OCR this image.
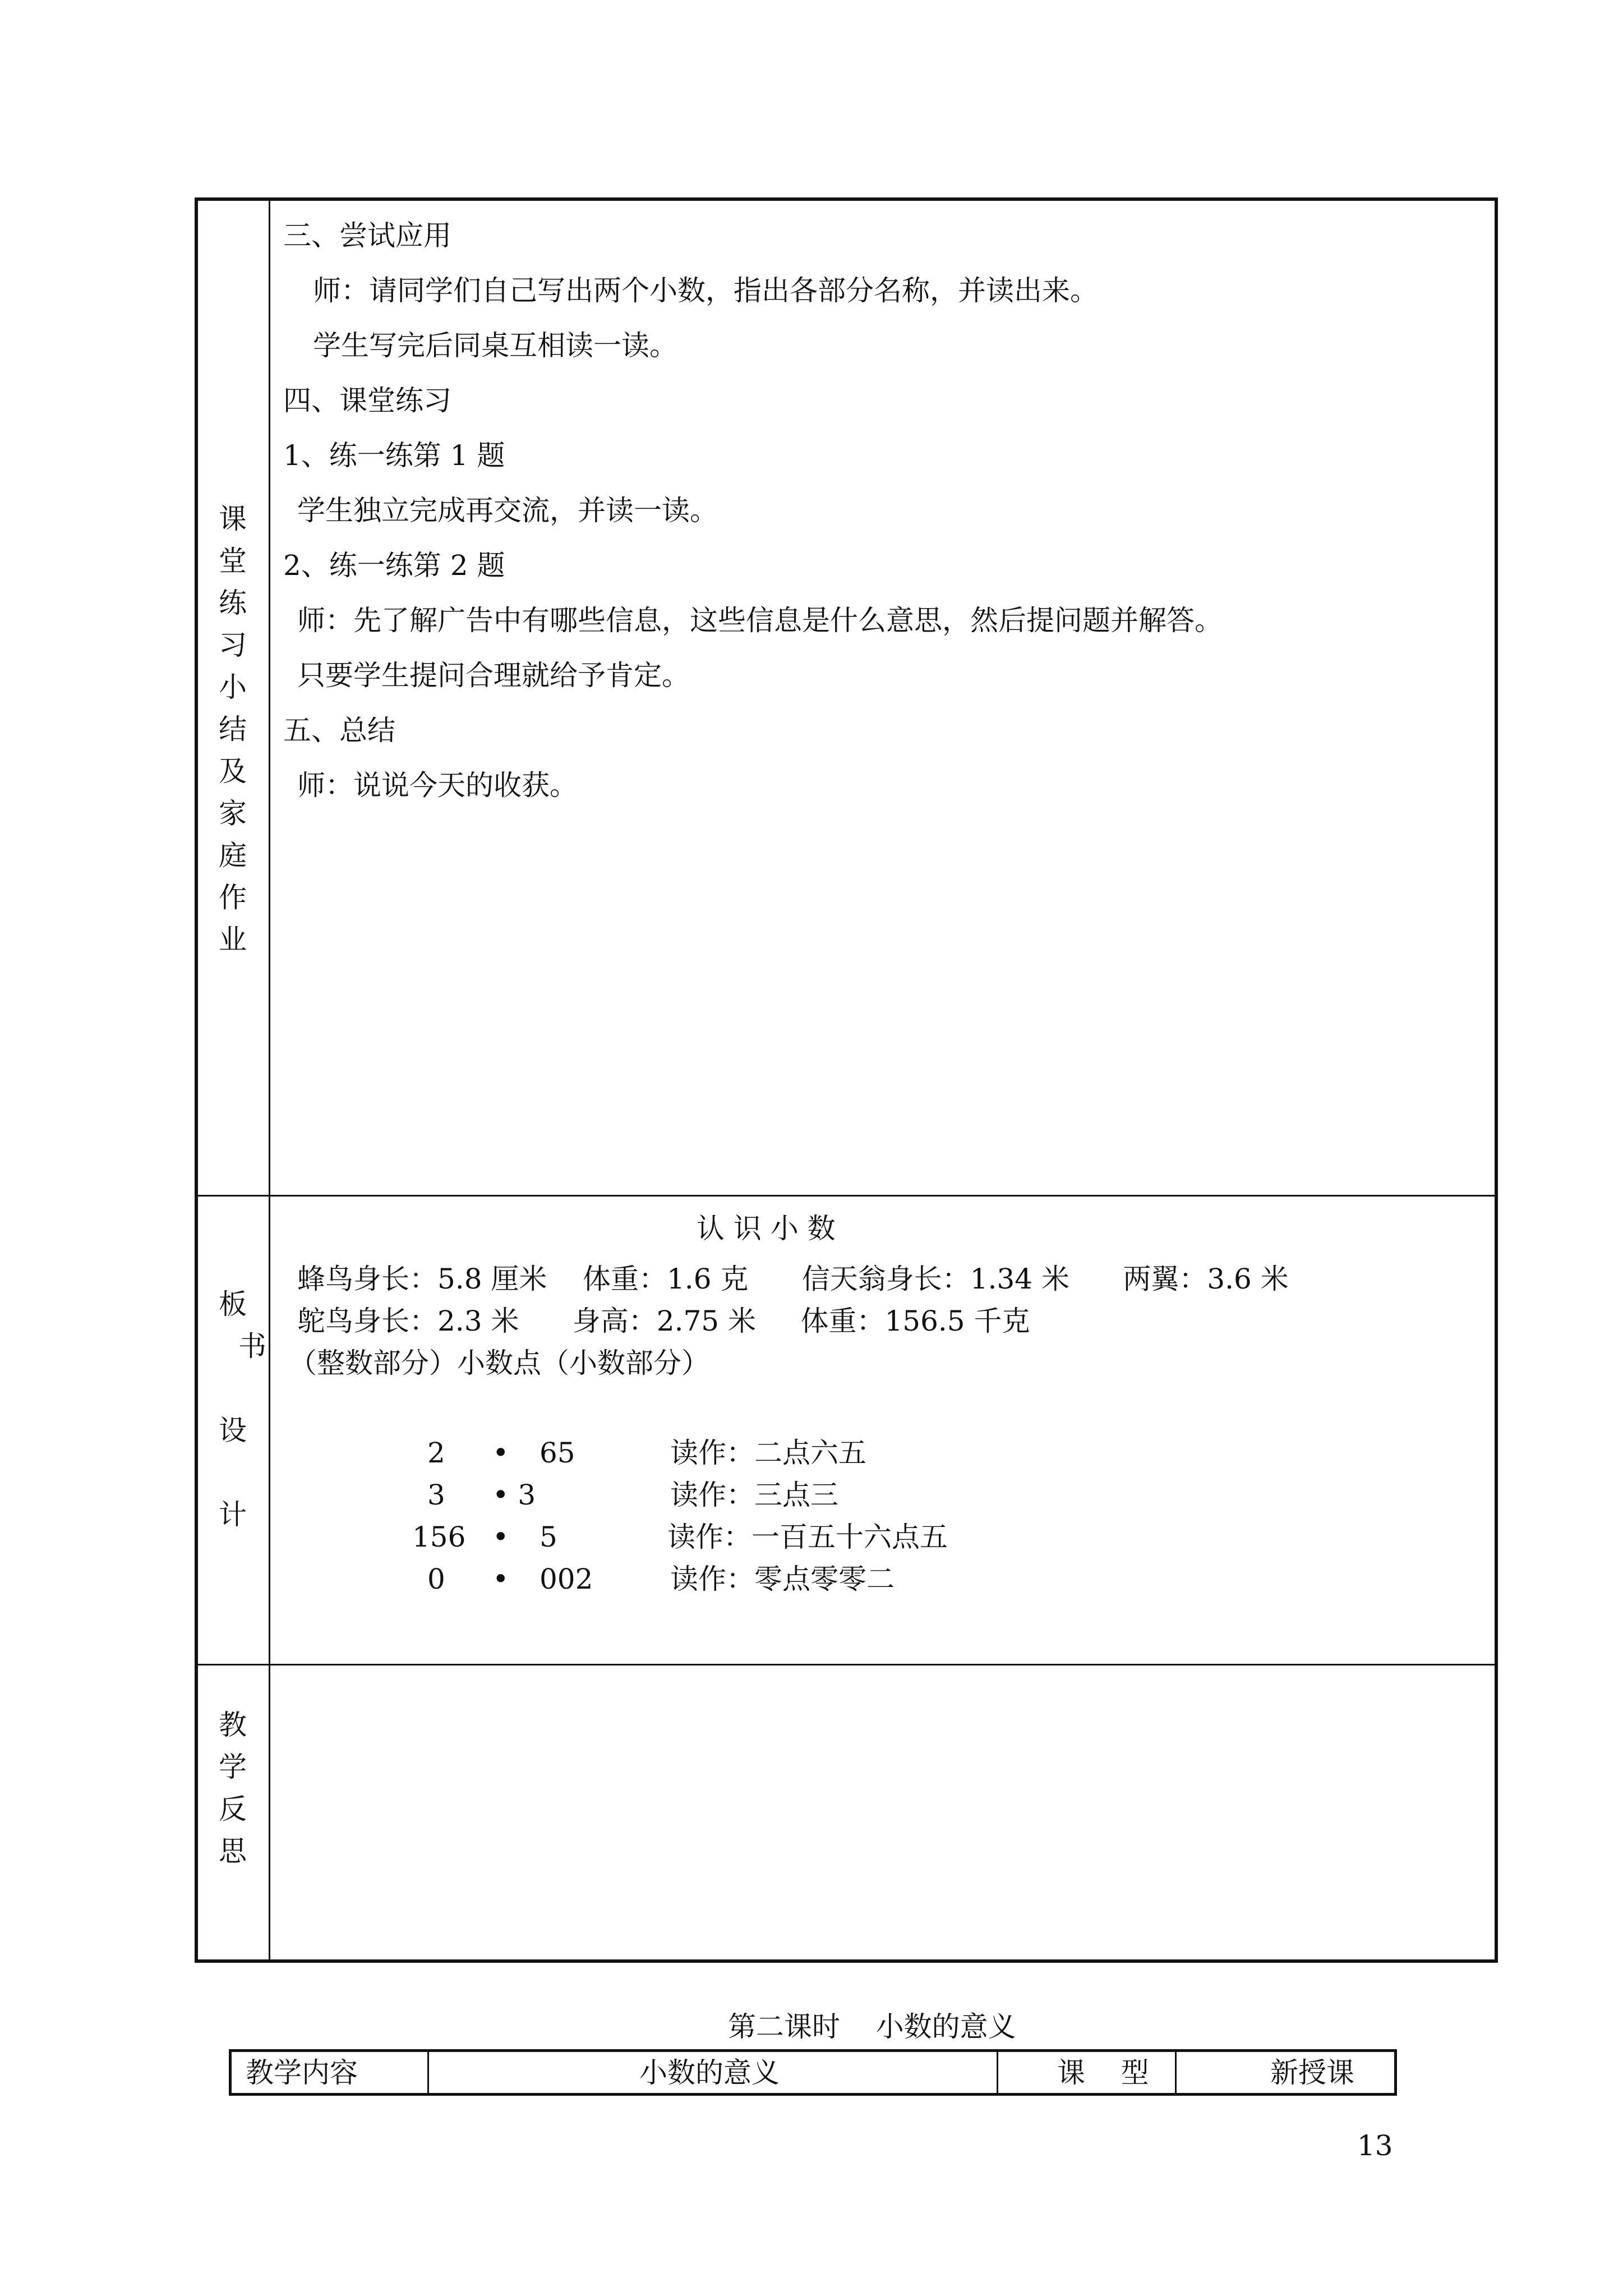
课
堂
练
习
小
结
及
家
庭
作
业
三、尝试应用
师：请同学们自己写出两个小数，指出各部分名称，并读出来。
学生写完后同桌互相读一读。
四、课堂练习
1、练一练第 1 题
学生独立完成再交流，并读一读。
2、练一练第 2 题
师：先了解广告中有哪些信息，这些信息是什么意思，然后提问题并解答。
只要学生提问合理就给予肯定。
五、总结
师：说说今天的收获。
板
书
设
计
认 识 小 数
蜂鸟身长：5.8 厘米    体重：1.6 克      信天翁身长：1.34 米      两翼：3.6 米
鸵鸟身长：2.3 米      身高：2.75 米     体重：156.5 千克
（整数部分）小数点（小数部分）
2 • 65	读作：二点六五
3 • 3	读作：三点三
156 • 5	读作：一百五十六点五
0 • 002	读作：零点零零二
教
学
反
思
第二课时    小数的意义
教学内容	小数的意义	课    型	新授课
13
